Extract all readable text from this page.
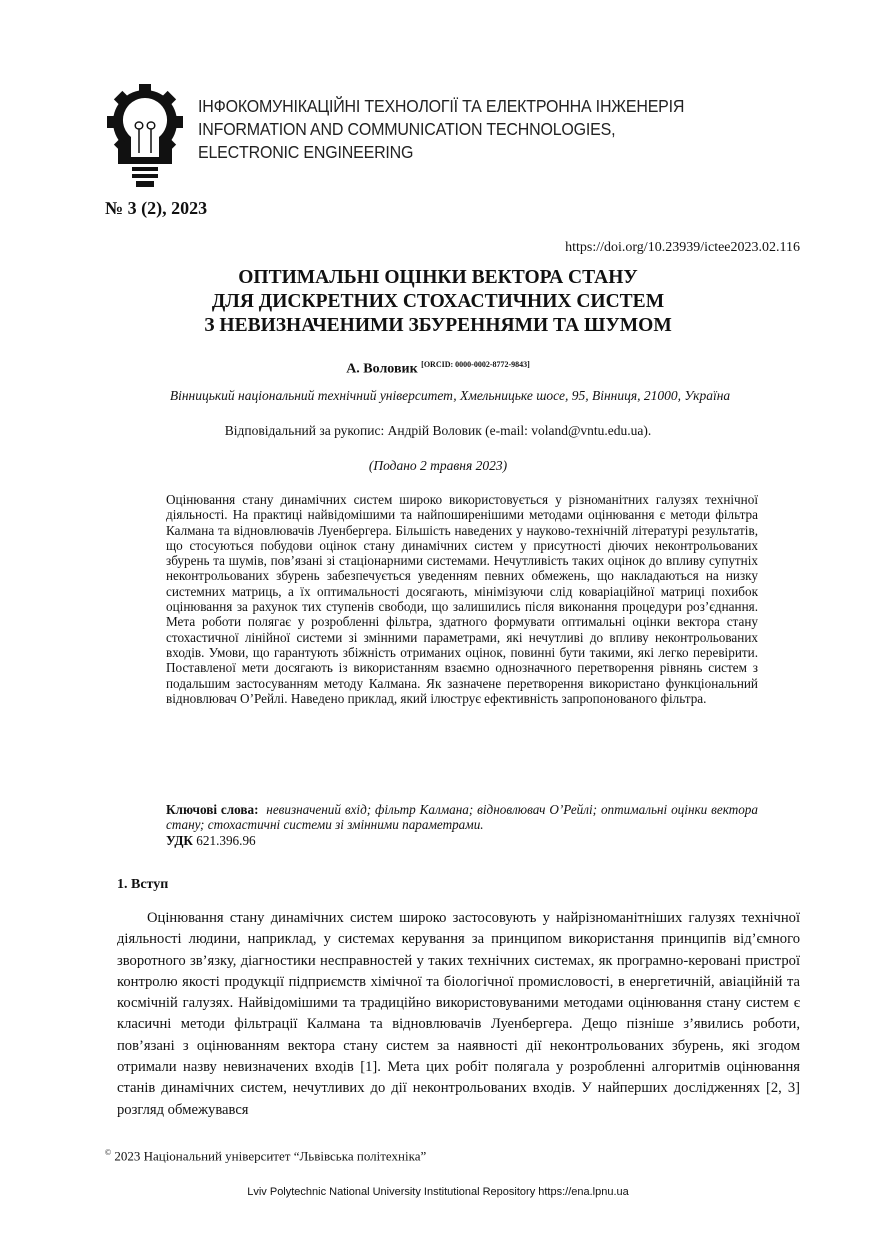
ІНФОКОМУНІКАЦІЙНІ ТЕХНОЛОГІЇ ТА ЕЛЕКТРОННА ІНЖЕНЕРІЯ
INFORMATION AND COMMUNICATION TECHNOLOGIES,
ELECTRONIC ENGINEERING
№ 3 (2), 2023
https://doi.org/10.23939/ictee2023.02.116
ОПТИМАЛЬНІ ОЦІНКИ ВЕКТОРА СТАНУ
ДЛЯ ДИСКРЕТНИХ СТОХАСТИЧНИХ СИСТЕМ
З НЕВИЗНАЧЕНИМИ ЗБУРЕННЯМИ ТА ШУМОМ
А. Воловик [ORCID: 0000-0002-8772-9843]
Вінницький національний технічний університет, Хмельницьке шосе, 95, Вінниця, 21000, Україна
Відповідальний за рукопис: Андрій Воловик (e-mail: voland@vntu.edu.ua).
(Подано 2 травня 2023)
Оцінювання стану динамічних систем широко використовується у різноманітних галузях технічної діяльності. На практиці найвідомішими та найпоширенішими методами оцінювання є методи фільтра Калмана та відновлювачів Луенбергера. Більшість наведених у науково-технічній літературі результатів, що стосуються побудови оцінок стану динамічних систем у присутності діючих неконтрольованих збурень та шумів, пов’язані зі стаціонарними системами. Нечутливість таких оцінок до впливу супутніх неконтрольованих збурень забезпечується уведенням певних обмежень, що накладаються на низку системних матриць, а їх оптимальності досягають, мінімізуючи слід коваріаційної матриці похибок оцінювання за рахунок тих ступенів свободи, що залишились після виконання процедури роз’єднання. Мета роботи полягає у розробленні фільтра, здатного формувати оптимальні оцінки вектора стану стохастичної лінійної системи зі змінними параметрами, які нечутливі до впливу неконтрольованих входів. Умови, що гарантують збіжність отриманих оцінок, повинні бути такими, які легко перевірити. Поставленої мети досягають із використанням взаємно однозначного перетворення рівнянь систем з подальшим застосуванням методу Калмана. Як зазначене перетворення використано функціональний відновлювач О’Рейлі. Наведено приклад, який ілюструє ефективність запропонованого фільтра.
Ключові слова: невизначений вхід; фільтр Калмана; відновлювач О’Рейлі; оптимальні оцінки вектора стану; стохастичні системи зі змінними параметрами.
УДК 621.396.96
1. Вступ
Оцінювання стану динамічних систем широко застосовують у найрізноманітніших галузях технічної діяльності людини, наприклад, у системах керування за принципом використання принципів від’ємного зворотного зв’язку, діагностики несправностей у таких технічних системах, як програмно-керовані пристрої контролю якості продукції підприємств хімічної та біологічної промисловості, в енергетичній, авіаційній та космічній галузях. Найвідомішими та традиційно використовуваними методами оцінювання стану систем є класичні методи фільтрації Калмана та відновлювачів Луенбергера. Дещо пізніше з’явились роботи, пов’язані з оцінюванням вектора стану систем за наявності дії неконтрольованих збурень, які згодом отримали назву невизначених входів [1]. Мета цих робіт полягала у розробленні алгоритмів оцінювання станів динамічних систем, нечутливих до дії неконтрольованих входів. У найперших дослідженнях [2, 3] розгляд обмежувався
© 2023 Національний університет “Львівська політехніка”
Lviv Polytechnic National University Institutional Repository https://ena.lpnu.ua
